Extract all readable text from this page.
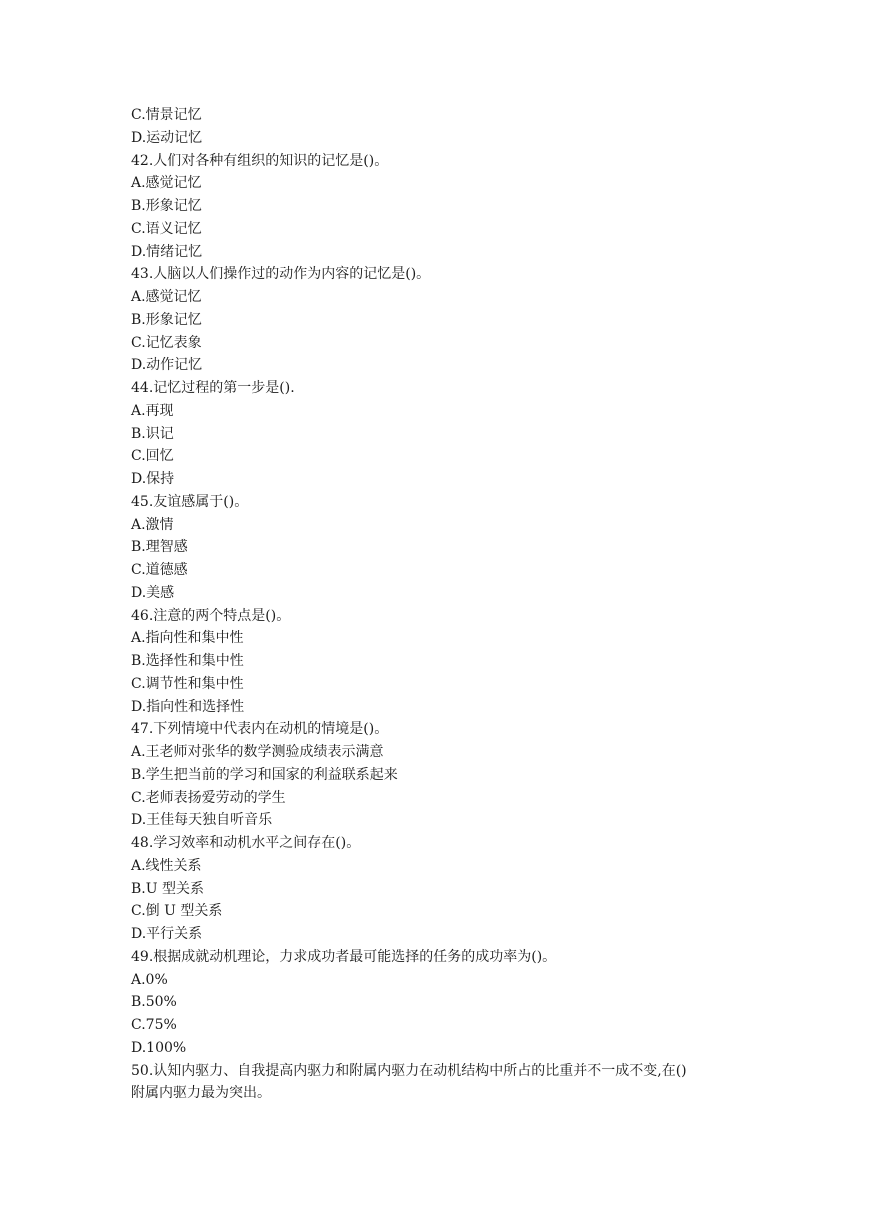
C.情景记忆
D.运动记忆
42.人们对各种有组织的知识的记忆是()。
A.感觉记忆
B.形象记忆
C.语义记忆
D.情绪记忆
43.人脑以人们操作过的动作为内容的记忆是()。
A.感觉记忆
B.形象记忆
C.记忆表象
D.动作记忆
44.记忆过程的第一步是().
A.再现
B.识记
C.回忆
D.保持
45.友谊感属于()。
A.激情
B.理智感
C.道德感
D.美感
46.注意的两个特点是()。
A.指向性和集中性
B.选择性和集中性
C.调节性和集中性
D.指向性和选择性
47.下列情境中代表内在动机的情境是()。
A.王老师对张华的数学测验成绩表示满意
B.学生把当前的学习和国家的利益联系起来
C.老师表扬爱劳动的学生
D.王佳每天独自听音乐
48.学习效率和动机水平之间存在()。
A.线性关系
B.U 型关系
C.倒 U 型关系
D.平行关系
49.根据成就动机理论，力求成功者最可能选择的任务的成功率为()。
A.0%
B.50%
C.75%
D.100%
50.认知内驱力、自我提高内驱力和附属内驱力在动机结构中所占的比重并不一成不变,在()
附属内驱力最为突出。
